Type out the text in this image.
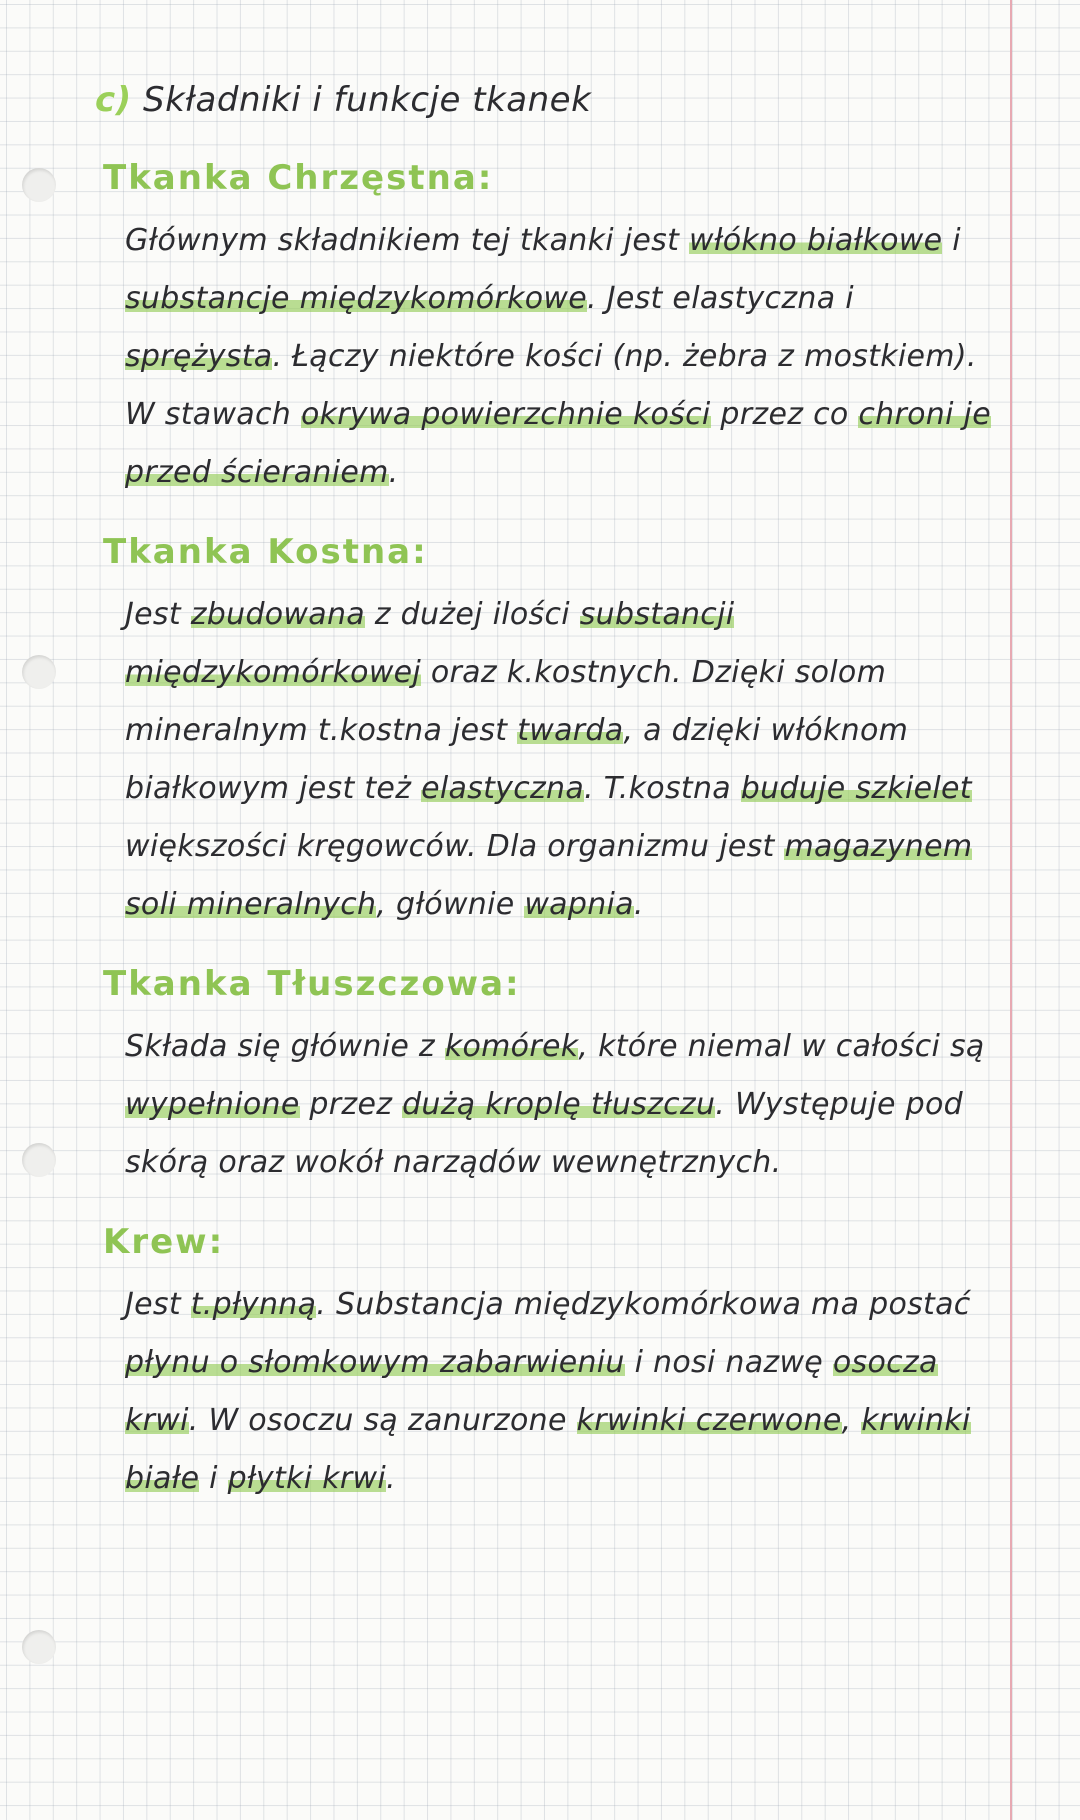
c) Składniki i funkcje tkanek
Tkanka Chrzęstna:
Głównym składnikiem tej tkanki jest włókno białkowe i substancje międzykomórkowe. Jest elastyczna i sprężysta. Łączy niektóre kości (np. żebra z mostkiem). W stawach okrywa powierzchnie kości przez co chroni je przed ścieraniem.
Tkanka Kostna:
Jest zbudowana z dużej ilości substancji międzykomórkowej oraz k.kostnych. Dzięki solom mineralnym t.kostna jest twarda, a dzięki włóknom białkowym jest też elastyczna. T.kostna buduje szkielet większości kręgowców. Dla organizmu jest magazynem soli mineralnych, głównie wapnia.
Tkanka Tłuszczowa:
Składa się głównie z komórek, które niemal w całości są wypełnione przez dużą kroplę tłuszczu. Występuje pod skórą oraz wokół narządów wewnętrznych.
Krew:
Jest t.płynną. Substancja międzykomórkowa ma postać płynu o słomkowym zabarwieniu i nosi nazwę osocza krwi. W osoczu są zanurzone krwinki czerwone, krwinki białe i płytki krwi.
